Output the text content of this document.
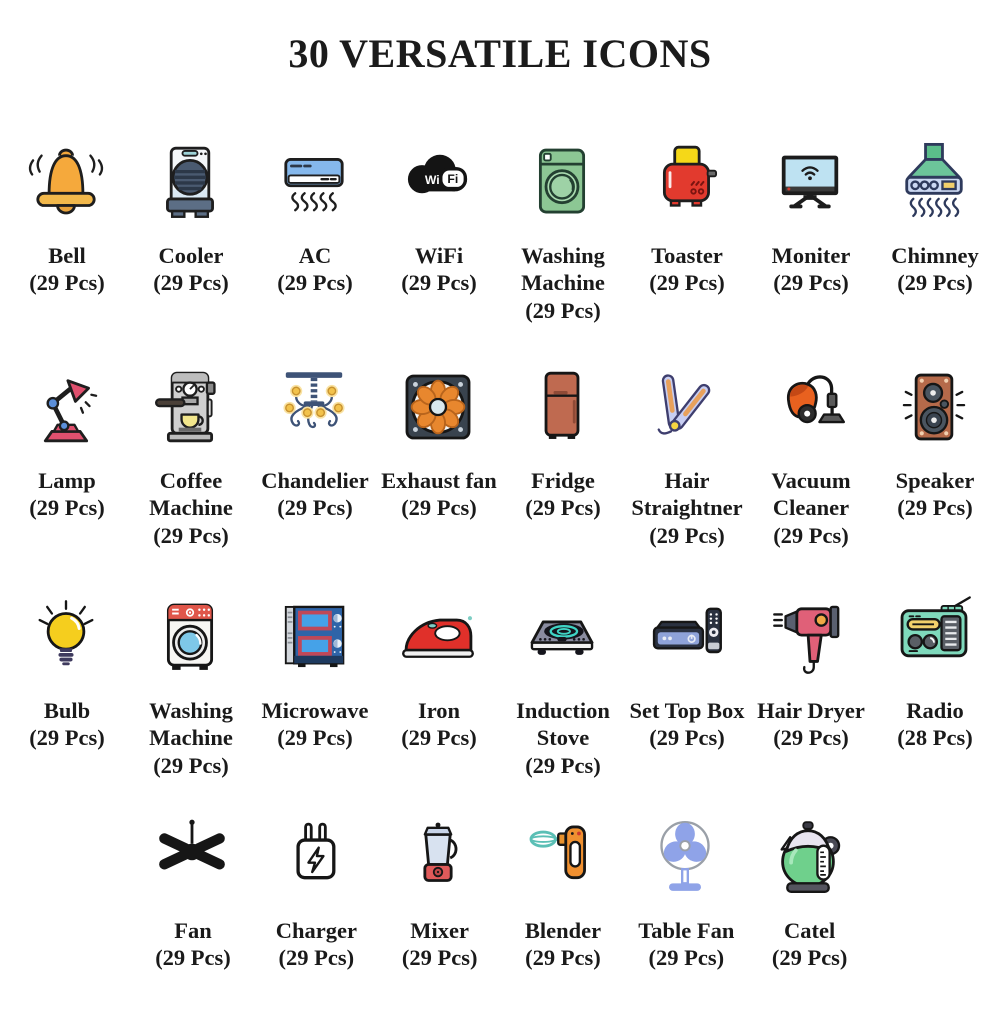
30 VERSATILE ICONS
Bell
(29 Pcs)
Cooler
(29 Pcs)
AC
(29 Pcs)
Wi Fi
WiFi
(29 Pcs)
Washing Machine
(29 Pcs)
Toaster
(29 Pcs)
Moniter
(29 Pcs)
Chimney
(29 Pcs)
Lamp
(29 Pcs)
Coffee Machine
(29 Pcs)
Chandelier
(29 Pcs)
Exhaust fan
(29 Pcs)
Fridge
(29 Pcs)
Hair Straightner
(29 Pcs)
Vacuum Cleaner
(29 Pcs)
Speaker
(29 Pcs)
Bulb
(29 Pcs)
Washing Machine
(29 Pcs)
Microwave
(29 Pcs)
Iron
(29 Pcs)
Induction Stove
(29 Pcs)
Set Top Box
(29 Pcs)
Hair Dryer
(29 Pcs)
Radio
(28 Pcs)
Fan
(29 Pcs)
Charger
(29 Pcs)
Mixer
(29 Pcs)
Blender
(29 Pcs)
Table Fan
(29 Pcs)
Catel
(29 Pcs)
